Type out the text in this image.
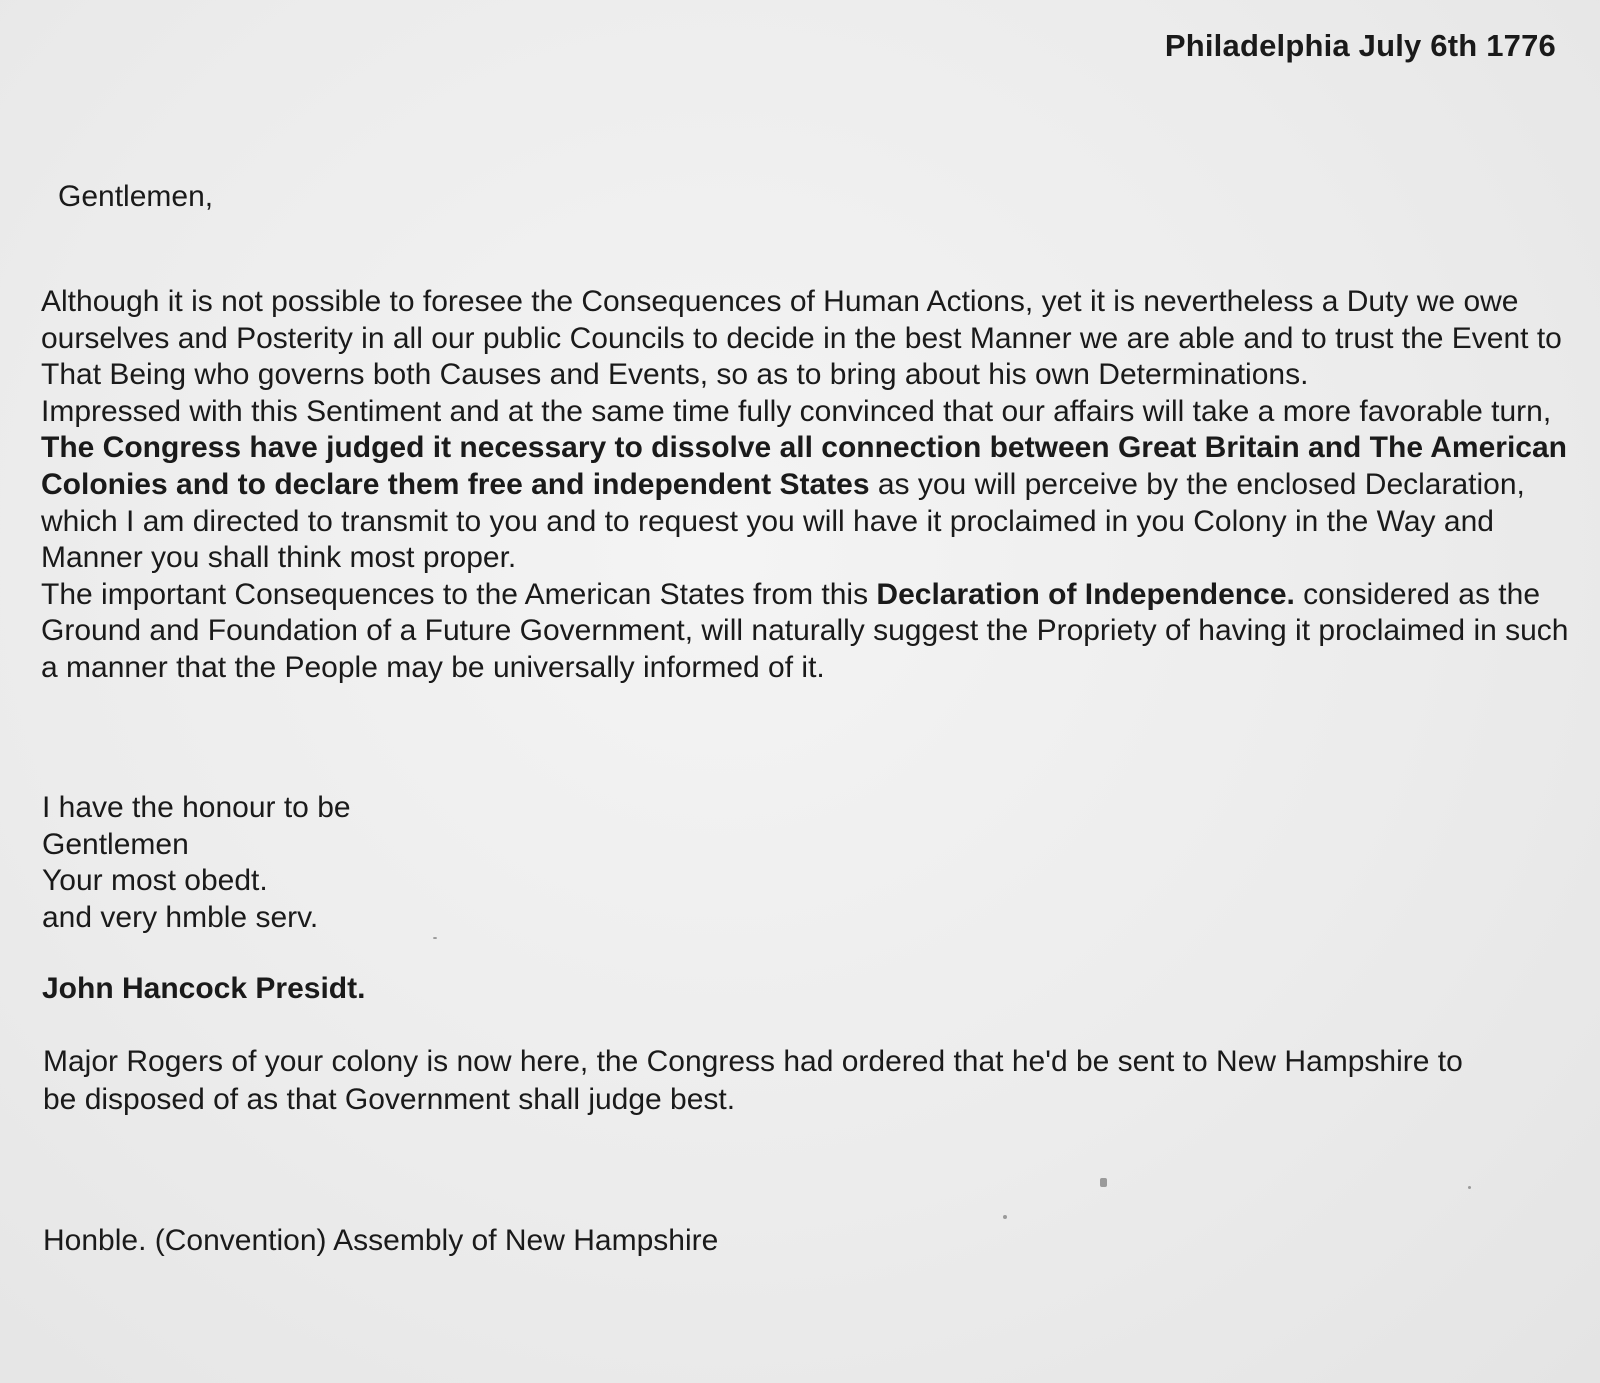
Philadelphia July 6th 1776
Gentlemen,

Although it is not possible to foresee the Consequences of Human Actions, yet it is nevertheless a Duty we owe ourselves and Posterity in all our public Councils to decide in the best Manner we are able and to trust the Event to That Being who governs both Causes and Events, so as to bring about his own Determinations.

Impressed with this Sentiment and at the same time fully convinced that our affairs will take a more favorable turn, The Congress have judged it necessary to dissolve all connection between Great Britain and The American Colonies and to declare them free and independent States as you will perceive by the enclosed Declaration, which I am directed to transmit to you and to request you will have it proclaimed in you Colony in the Way and Manner you shall think most proper.

The important Consequences to the American States from this Declaration of Independence. considered as the Ground and Foundation of a Future Government, will naturally suggest the Propriety of having it proclaimed in such a manner that the People may be universally informed of it.

I have the honour to be
Gentlemen
Your most obedt.
and very hmble serv.
John Hancock Presidt.
Major Rogers of your colony is now here, the Congress had ordered that he'd be sent to New Hampshire to be disposed of as that Government shall judge best.
Honble. (Convention) Assembly of New Hampshire
